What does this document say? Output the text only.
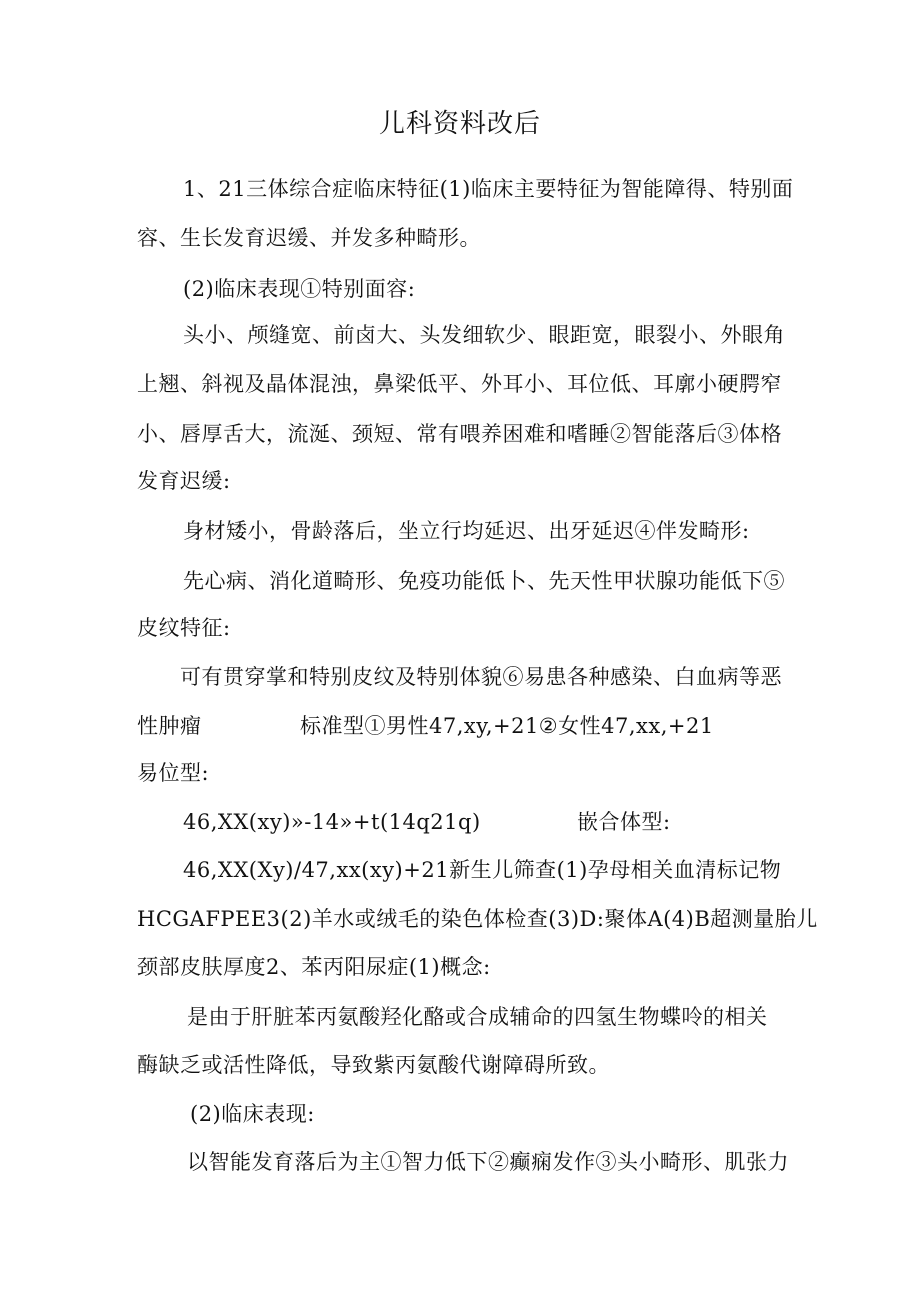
儿科资料改后
1、21三体综合症临床特征(1)临床主要特征为智能障得、特别面
容、生长发育迟缓、并发多种畸形。
(2)临床表现①特别面容:
头小、颅缝宽、前卤大、头发细软少、眼距宽，眼裂小、外眼角
上翘、斜视及晶体混浊，鼻梁低平、外耳小、耳位低、耳廓小硬腭窄
小、唇厚舌大，流涎、颈短、常有喂养困难和嗜睡②智能落后③体格
发育迟缓:
身材矮小，骨龄落后，坐立行均延迟、出牙延迟④伴发畸形:
先心病、消化道畸形、免疫功能低卜、先天性甲状腺功能低下⑤
皮纹特征:
可有贯穿掌和特别皮纹及特别体貌⑥易患各种感染、白血病等恶
性肿瘤	标准型①男性47,xy,+21②女性47,xx,+21
易位型:
46,XX(xy)»-14»+t(14q21q)	嵌合体型:
46,XX(Xy)/47,xx(xy)+21新生儿筛查(1)孕母相关血清标记物
HCGAFPEE3(2)羊水或绒毛的染色体检查(3)D:聚体A(4)B超测量胎儿
颈部皮肤厚度2、苯丙阳尿症(1)概念:
是由于肝脏苯丙氨酸羟化酪或合成辅命的四氢生物蝶呤的相关
酶缺乏或活性降低，导致紫丙氨酸代谢障碍所致。
(2)临床表现:
以智能发育落后为主①智力低下②癫痫发作③头小畸形、肌张力
